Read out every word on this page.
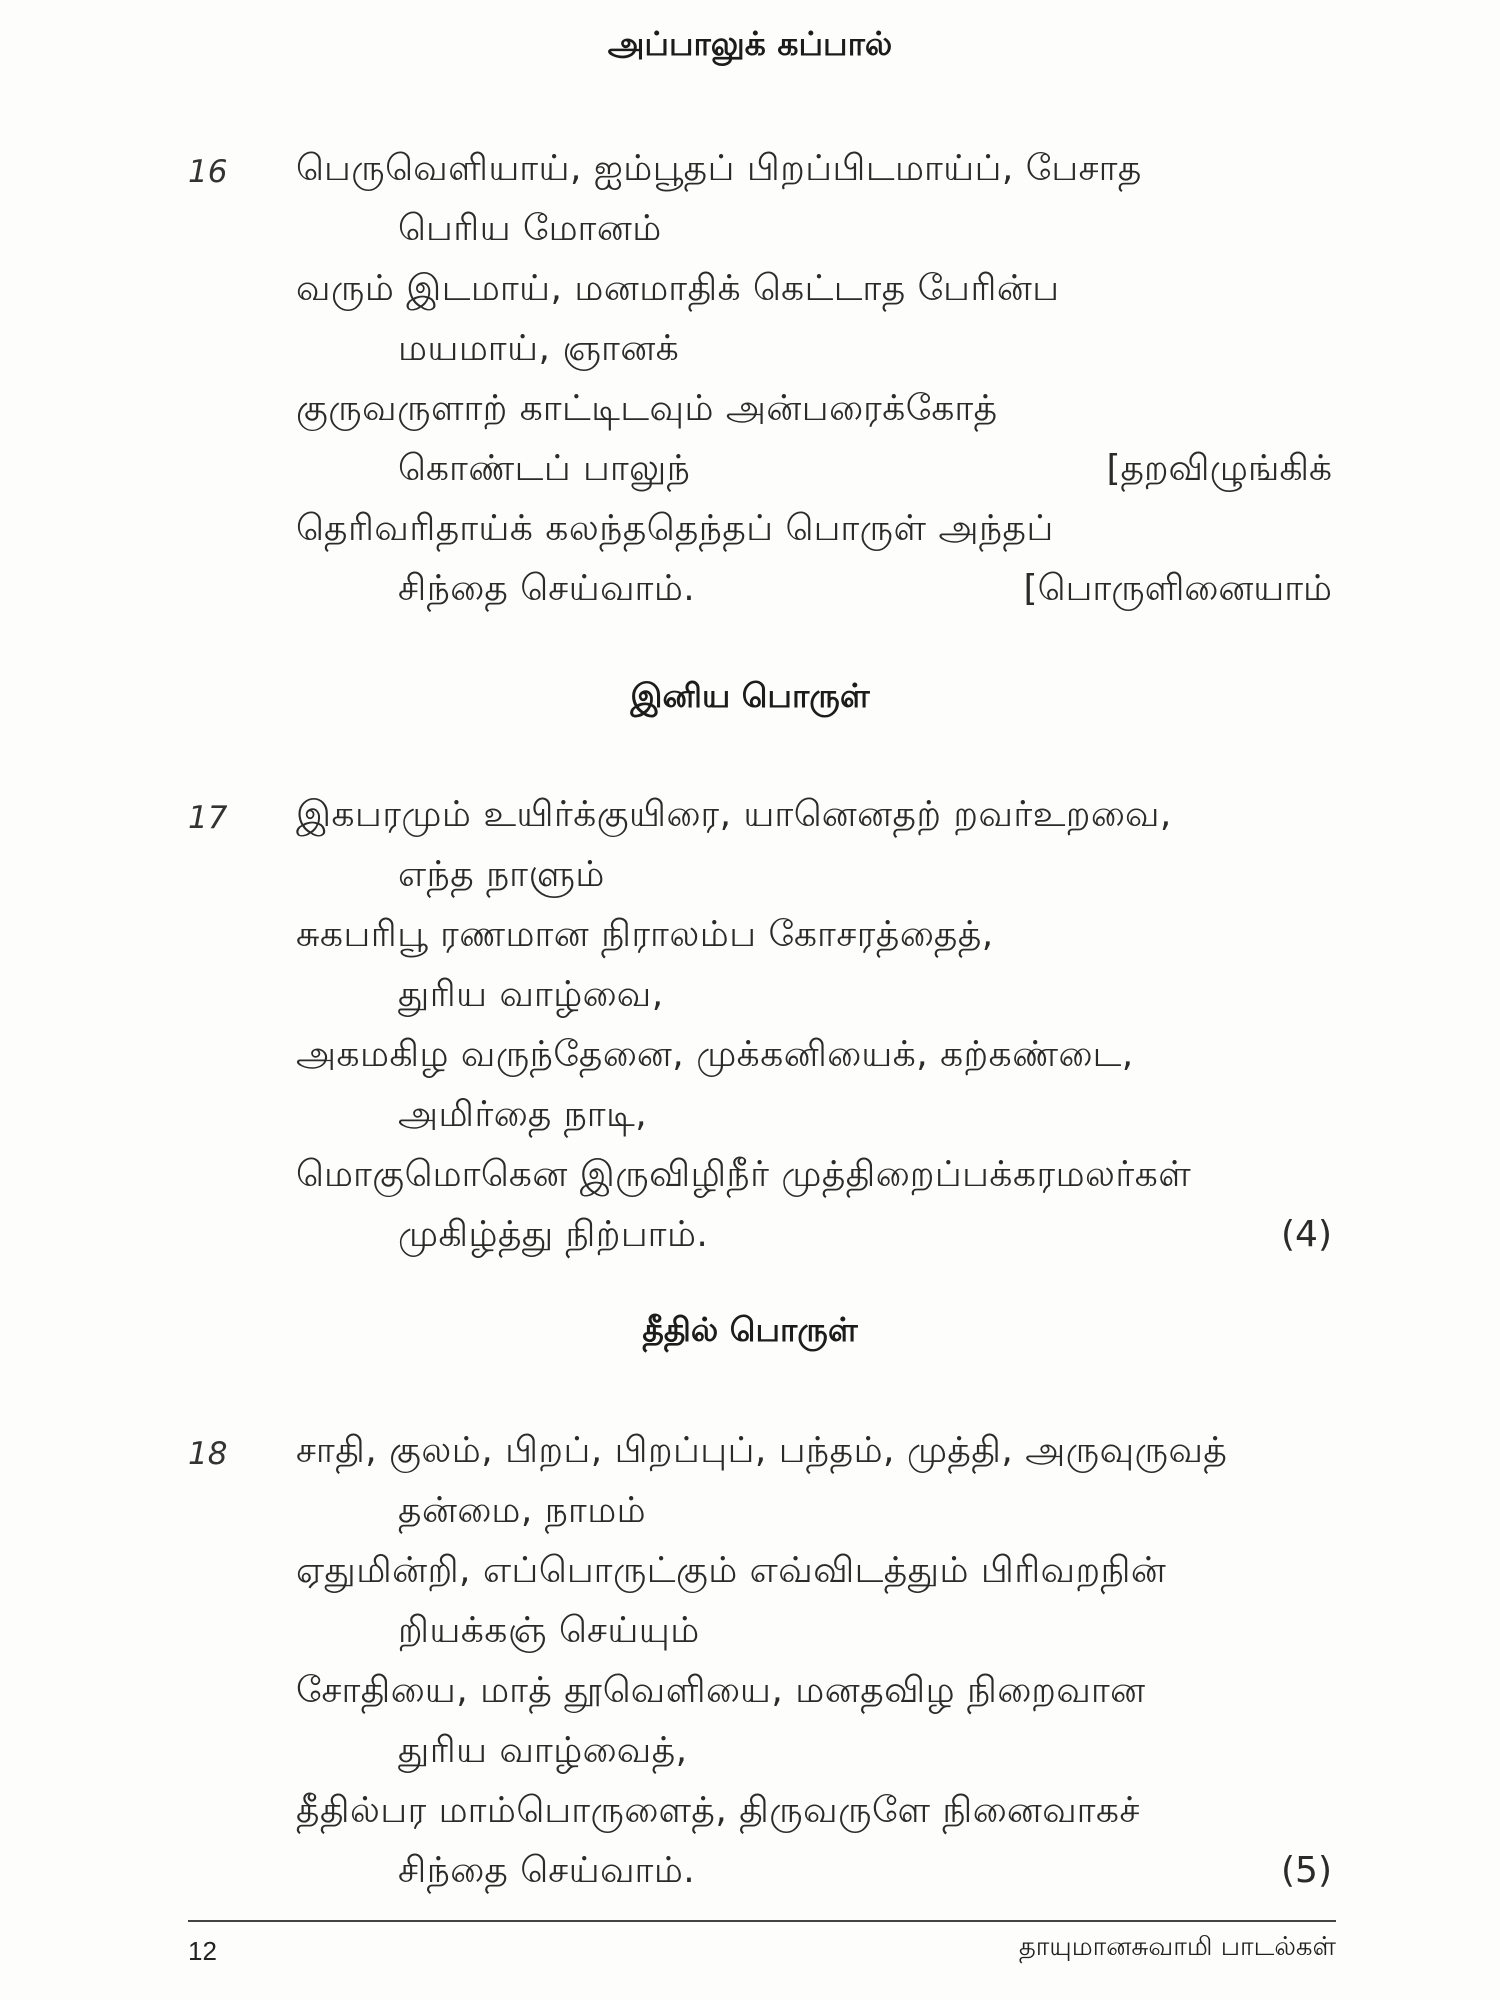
அப்பாலுக் கப்பால்
16 பெருவெளியாய், ஐம்பூதப் பிறப்பிடமாய்ப், பேசாத
பெரிய மோனம்
வரும் இடமாய், மனமாதிக் கெட்டாத பேரின்ப
மயமாய், ஞானக்
குருவருளாற் காட்டிடவும் அன்பரைக்கோத்
கொண்டப் பாலுந்	[தறவிழுங்கிக்
தெரிவரிதாய்க் கலந்ததெந்தப் பொருள் அந்தப்
சிந்தை செய்வாம்.	[பொருளினையாம்
இனிய பொருள்
17 இகபரமும் உயிர்க்குயிரை, யானெனதற் றவர்உறவை,
எந்த நாளும்
சுகபரிபூ ரணமான நிராலம்ப கோசரத்தைத்,
துரிய வாழ்வை,
அகமகிழ வருந்தேனை, முக்கனியைக், கற்கண்டை,
அமிர்தை நாடி,
மொகுமொகென இருவிழிநீர் முத்திறைப்பக்கரமலர்கள்
முகிழ்த்து நிற்பாம்.	(4)
தீதில் பொருள்
18 சாதி, குலம், பிறப், பிறப்புப், பந்தம், முத்தி, அருவுருவத்
தன்மை, நாமம்
ஏதுமின்றி, எப்பொருட்கும் எவ்விடத்தும் பிரிவறநின்
றியக்கஞ் செய்யும்
சோதியை, மாத் தூவெளியை, மனதவிழ நிறைவான
துரிய வாழ்வைத்,
தீதில்பர மாம்பொருளைத், திருவருளே நினைவாகச்
சிந்தை செய்வாம்.	(5)
12	தாயுமானசுவாமி பாடல்கள்
